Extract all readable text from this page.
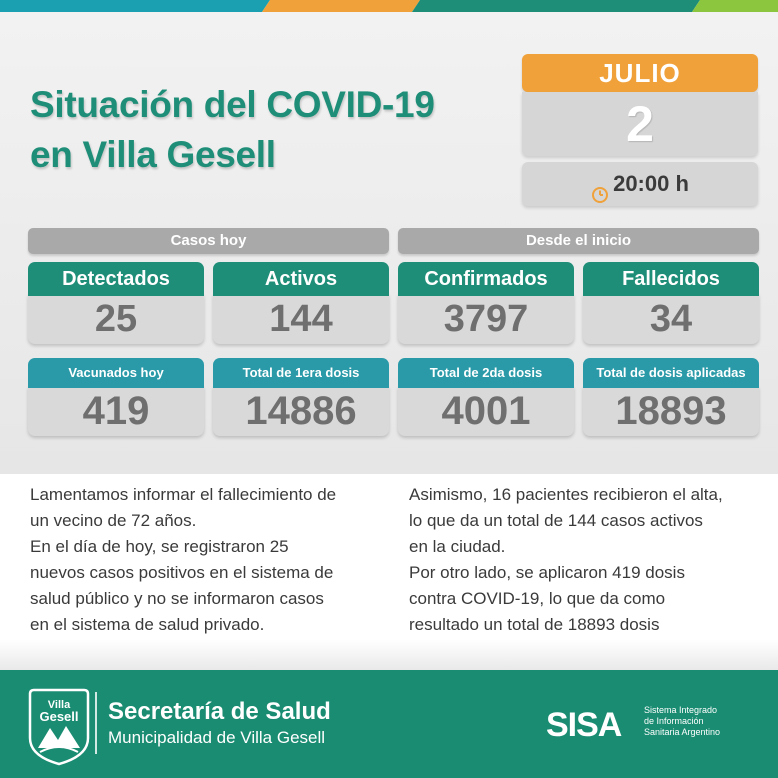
Situación del COVID-19
en Villa Gesell
JULIO
2
20:00 h
Casos hoy	Desde el inicio
Detectados
25
Activos
144
Confirmados
3797
Fallecidos
34
Vacunados hoy
419
Total de 1era dosis
14886
Total de 2da dosis
4001
Total de dosis aplicadas
18893

Lamentamos informar el fallecimiento de

un vecino de 72 años.

En el día de hoy, se registraron 25

nuevos casos positivos en el sistema de

salud público y no se informaron casos

en el sistema de salud privado.

Asimismo, 16 pacientes recibieron el alta,

lo que da un total de 144 casos activos

en la ciudad.

Por otro lado, se aplicaron 419 dosis

contra COVID-19, lo que da como

resultado un total de 18893 dosis

Villa
Gesell Secretaría de Salud
Municipalidad de Villa Gesell	SISA	Sistema Integrado
de Información
Sanitaria Argentino
